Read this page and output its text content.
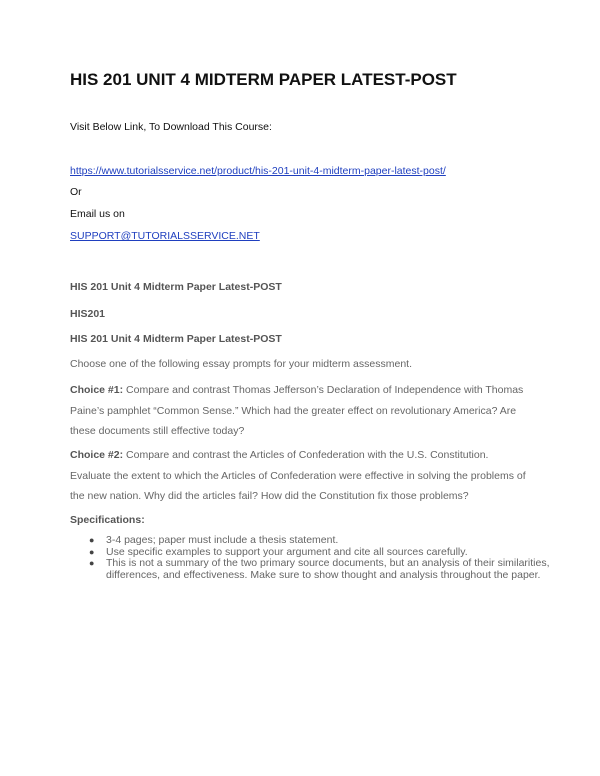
HIS 201 UNIT 4 MIDTERM PAPER LATEST-POST
Visit Below Link, To Download This Course:
https://www.tutorialsservice.net/product/his-201-unit-4-midterm-paper-latest-post/
Or
Email us on
SUPPORT@TUTORIALSSERVICE.NET
HIS 201 Unit 4 Midterm Paper Latest-POST
HIS201
HIS 201 Unit 4 Midterm Paper Latest-POST
Choose one of the following essay prompts for your midterm assessment.
Choice #1: Compare and contrast Thomas Jefferson’s Declaration of Independence with Thomas Paine’s pamphlet “Common Sense.” Which had the greater effect on revolutionary America? Are these documents still effective today?
Choice #2: Compare and contrast the Articles of Confederation with the U.S. Constitution. Evaluate the extent to which the Articles of Confederation were effective in solving the problems of the new nation. Why did the articles fail? How did the Constitution fix those problems?
Specifications:
● 3-4 pages; paper must include a thesis statement.
● Use specific examples to support your argument and cite all sources carefully.
● This is not a summary of the two primary source documents, but an analysis of their similarities, differences, and effectiveness. Make sure to show thought and analysis throughout the paper.
